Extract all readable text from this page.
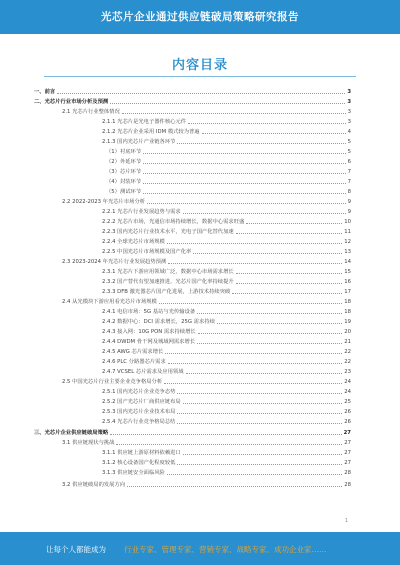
光芯片企业通过供应链破局策略研究报告
内容目录
一、前言	3
二、光芯片行业市场分析及预测	3
2.1 光芯片行业整体情况	3
2.1.1 光芯片是光电子器件核心元件	3
2.1.2 光芯片企业采用 IDM 模式较为普遍	4
2.1.3 国内光芯片产业链各环节	5
（1）衬底环节	5
（2）外延环节	6
（3）芯片环节	7
（4）封装环节	7
（5）测试环节	8
2.2 2022-2023 年光芯片市场分析	9
2.2.1 光芯片行业发展趋势与需求	9
2.2.2 光芯片市场，光通信市场持续增长，数据中心需求旺盛	10
2.2.3 国内光芯片行业技术水平，光电子国产化替代加速	11
2.2.4 全球光芯片市场规模	12
2.2.5 中国光芯片市场规模及国产化率	13
2.3 2023-2024 年光芯片行业发展趋势预测	14
2.3.1 光芯片下游应用领域广泛，数据中心市场需求增长	15
2.3.2 国产替代有望加速推进，光芯片国产化率持续提升	16
2.3.3 DFB 激光器芯片国产化进展，上游技术持续突破	17
2.4 从光模块下游应用看光芯片市场规模	18
2.4.1 电信市场：5G 基站与光传输设备	18
2.4.2 数据中心：DCI 需求增长，25G 需求持续	19
2.4.3 接入网：10G PON 需求持续增长	20
2.4.4 DWDM 骨干网及城域网需求增长	21
2.4.5 AWG 芯片需求增长	22
2.4.6 PLC 分路器芯片需求	22
2.4.7 VCSEL 芯片需求及应用领域	23
2.5 中国光芯片行业主要企业竞争格局分析	24
2.5.1 国内光芯片企业竞争态势	24
2.5.2 国产光芯片厂商供应链布局	25
2.5.3 国内光芯片企业技术布局	26
2.5.4 光芯片行业竞争格局总结	26
三、光芯片企业供应链破局策略	27
3.1 供应链现状与挑战	27
3.1.1 供应链上游原材料依赖进口	27
3.1.2 核心设备国产化程度较低	27
3.1.3 供应链安全面临风险	28
3.2 供应链破局的发展方向	28
1
让每个人都能成为 行业专家、管理专家、营销专家、战略专家、成功企业家……
